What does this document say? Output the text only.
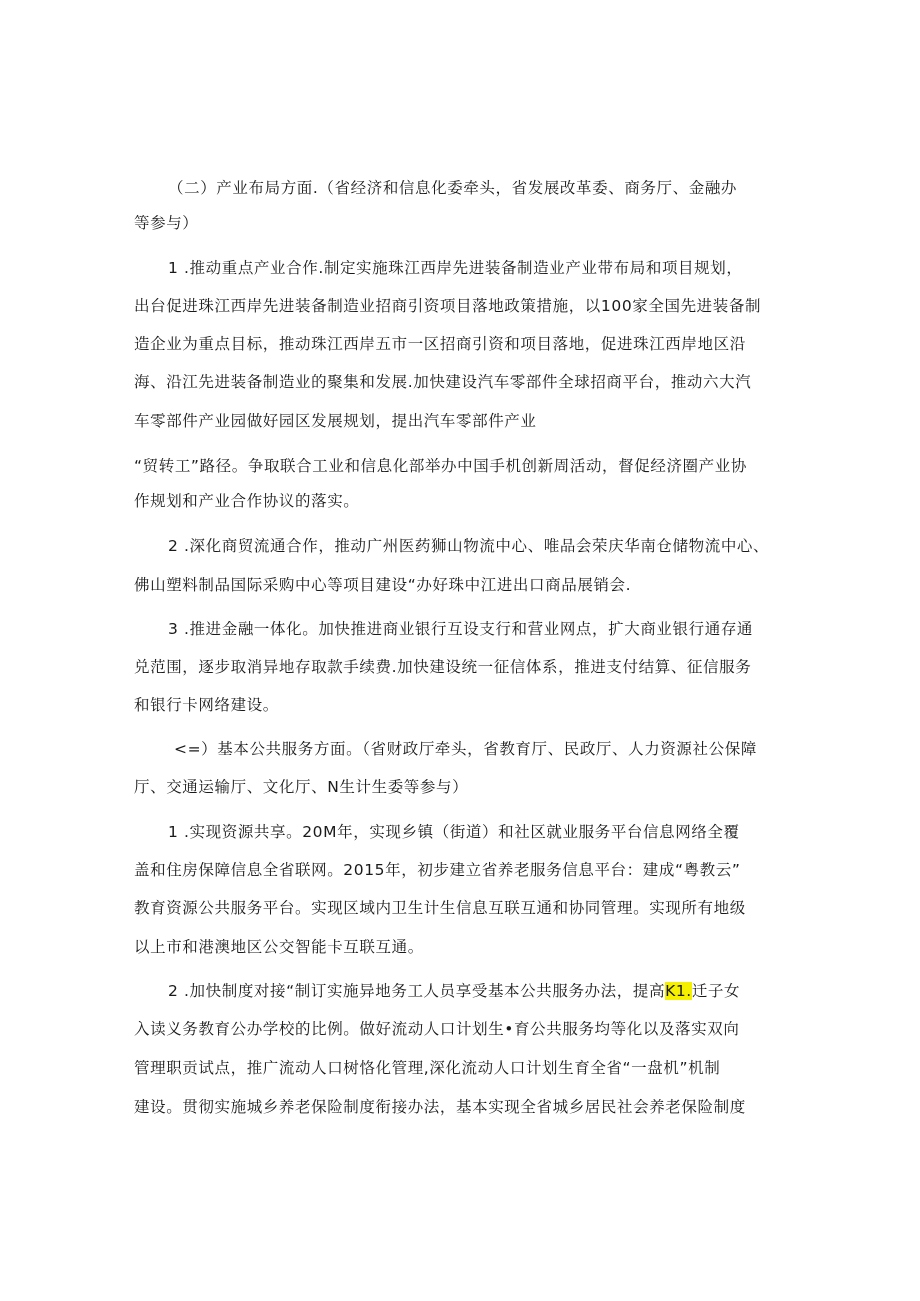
（二）产业布局方面.（省经济和信息化委牵头，省发展改革委、商务厅、金融办
等参与）
1 .推动重点产业合作.制定实施珠江西岸先进装备制造业产业带布局和项目规划，
出台促进珠江西岸先进装备制造业招商引资项目落地政策措施，以100家全国先进装备制
造企业为重点目标，推动珠江西岸五市一区招商引资和项目落地，促进珠江西岸地区沿
海、沿江先进装备制造业的聚集和发展.加快建设汽车零部件全球招商平台，推动六大汽
车零部件产业园做好园区发展规划，提出汽车零部件产业
“贸转工”路径。争取联合工业和信息化部举办中国手机创新周活动，督促经济圈产业协
作规划和产业合作协议的落实。
2 .深化商贸流通合作，推动广州医药狮山物流中心、唯品会荣庆华南仓储物流中心、
佛山塑料制品国际采购中心等项目建设“办好珠中江进出口商品展销会.
3 .推进金融一体化。加快推进商业银行互设支行和营业网点，扩大商业银行通存通
兑范围，逐步取消异地存取款手续费.加快建设统一征信体系，推进支付结算、征信服务
和银行卡网络建设。
<=）基本公共服务方面。（省财政厅牵头，省教育厅、民政厅、人力资源社公保障
厅、交通运输厅、文化厅、N生计生委等参与）
1 .实现资源共享。20M年，实现乡镇（街道）和社区就业服务平台信息网络全覆
盖和住房保障信息全省联网。2015年，初步建立省养老服务信息平台：建成“粤教云”
教育资源公共服务平台。实现区域内卫生计生信息互联互通和协同管理。实现所有地级
以上市和港澳地区公交智能卡互联互通。
2 .加快制度对接“制订实施异地务工人员享受基本公共服务办法，提高K1.迁子女
入读义务教育公办学校的比例。做好流动人口计划生•育公共服务均等化以及落实双向
管理职贡试点，推广流动人口树恪化管理,深化流动人口计划生育全省“一盘机”机制
建设。贯彻实施城乡养老保险制度衔接办法，基本实现全省城乡居民社会养老保险制度
